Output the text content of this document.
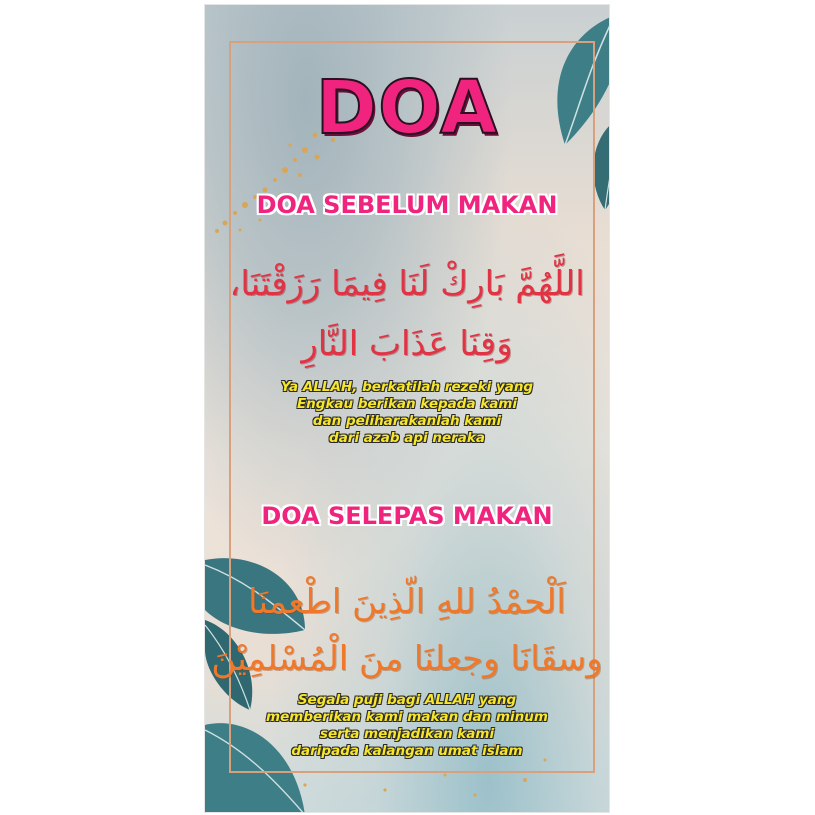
DOA
DOA SEBELUM MAKAN
اللَّهُمَّ بَارِكْ لَنَا فِيمَا رَزَقْتَنَا،
وَقِنَا عَذَابَ النَّارِ
Ya ALLAH, berkatilah rezeki yang
Engkau berikan kepada kami
dan peliharakanlah kami
dari azab api neraka
DOA SELEPAS MAKAN
اَلْحمْدُ للهِ الّذِينَ اطْعمنَا
وسقَانَا وجعلنَا منَ الْمُسْلمِيْنَ
Segala puji bagi ALLAH yang
memberikan kami makan dan minum
serta menjadikan kami
daripada kalangan umat islam
